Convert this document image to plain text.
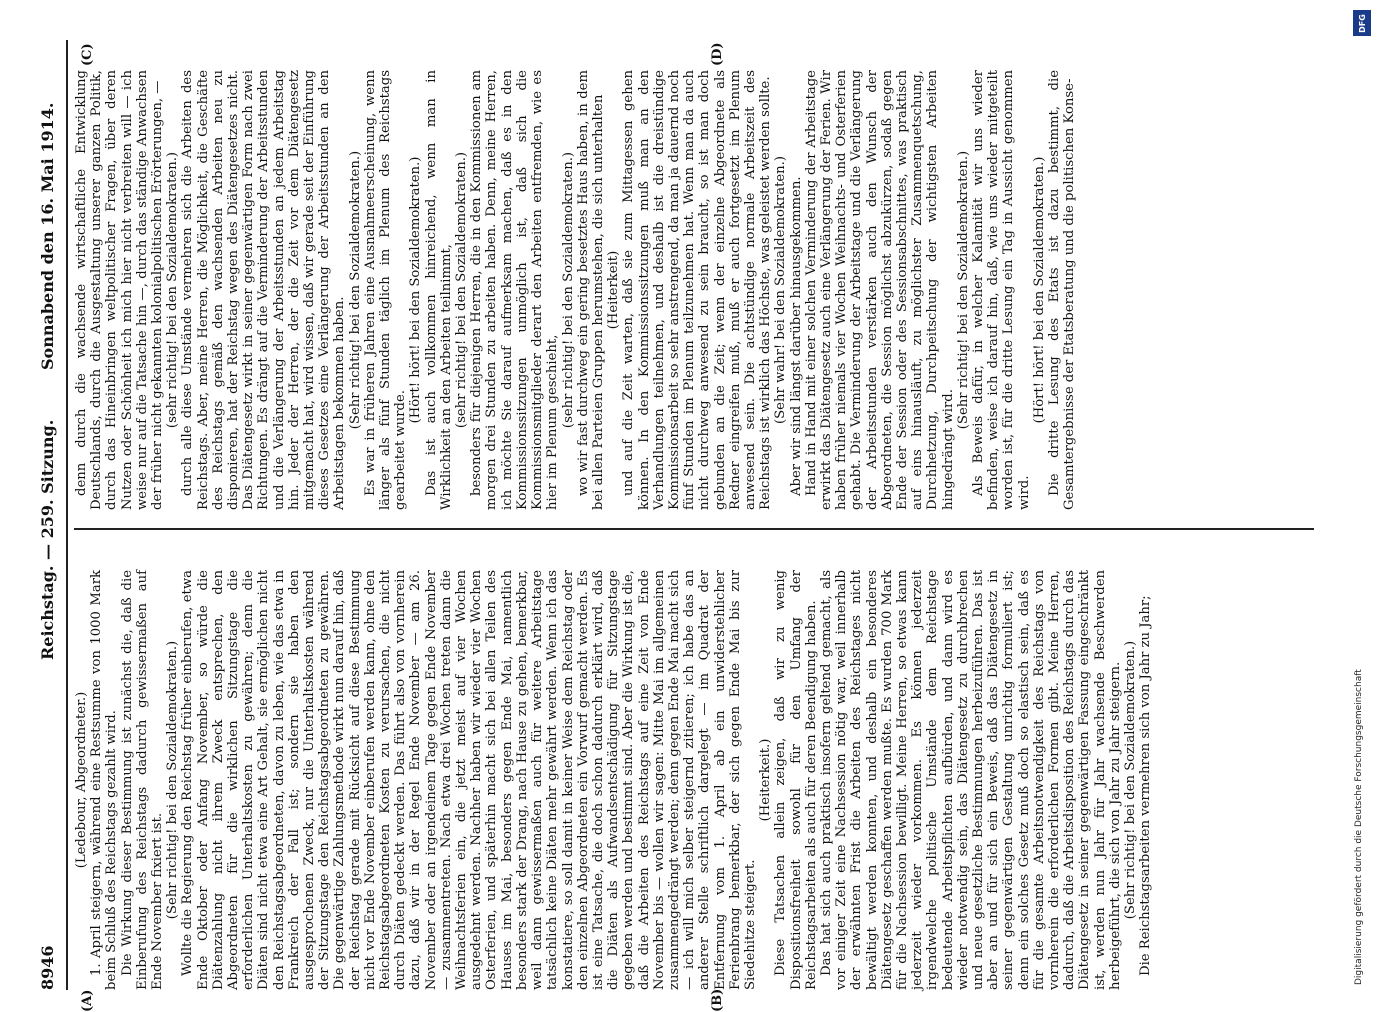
8946
Reichstag. — 259. Sitzung.
Sonnabend den 16. Mai 1914.

(Ledebour, Abgeordneter.) 1. April steigern, während eine Restsumme von 1000 Mark beim Schluß des Reichstags gezahlt wird. Die Wirkung dieser Bestimmung ist zunächst die, daß die Einberufung des Reichstags dadurch gewissermaßen auf Ende November fixiert ist. (Sehr richtig! bei den Sozialdemokraten.) Wollte die Regierung den Reichstag früher einberufen, etwa Ende Oktober oder Anfang November, so würde die Diätenzahlung nicht ihrem Zweck entsprechen, den Abgeordneten für die wirklichen Sitzungstage die erforderlichen Unterhaltskosten zu gewähren; denn die Diäten sind nicht etwa eine Art Gehalt, sie ermöglichen nicht den Reichstagsabgeordneten, davon zu leben, wie das etwa in Frankreich der Fall ist; sondern sie haben den ausgesprochenen Zweck, nur die Unterhaltskosten während der Sitzungstage den Reichstagsabgeordneten zu gewähren. Die gegenwärtige Zahlungsmethode wirkt nun darauf hin, daß der Reichstag gerade mit Rücksicht auf diese Bestimmung nicht vor Ende November einberufen werden kann, ohne den Reichstagsabgeordneten Kosten zu verursachen, die nicht durch Diäten gedeckt werden. Das führt also von vornherein dazu, daß wir in der Regel Ende November — am 26. November oder an irgendeinem Tage gegen Ende November — zusammentreten. Nach etwa drei Wochen treten dann die Weihnachtsferien ein, die jetzt meist auf vier Wochen ausgedehnt werden. Nachher haben wir wieder vier Wochen Osterferien, und späterhin macht sich bei allen Teilen des Hauses im Mai, besonders gegen Ende Mai, namentlich besonders stark der Drang, nach Hause zu gehen, bemerkbar, weil dann gewissermaßen auch für weitere Arbeitstage tatsächlich keine Diäten mehr gewährt werden. Wenn ich das konstatiere, so soll damit in keiner Weise dem Reichstag oder den einzelnen Abgeordneten ein Vorwurf gemacht werden. Es ist eine Tatsache, die doch schon dadurch erklärt wird, daß die Diäten als Aufwandsentschädigung für Sitzungstage gegeben werden und bestimmt sind. Aber die Wirkung ist die, daß die Arbeiten des Reichstags auf eine Zeit von Ende November bis — wollen wir sagen: Mitte Mai im allgemeinen zusammengedrängt werden; denn gegen Ende Mai macht sich — ich will mich selber steigernd zitieren; ich habe das an anderer Stelle schriftlich dargelegt — im Quadrat der Entfernung vom 1. April ab ein unwiderstehlicher Ferienbrang bemerkbar, der sich gegen Ende Mai bis zur Siedehitze steigert.

(Heiterkeit.) Diese Tatsachen allein zeigen, daß wir zu wenig Dispositionsfreiheit sowohl für den Umfang der Reichstagsarbeiten als auch für deren Beendigung haben. Das hat sich auch praktisch insofern geltend gemacht, als vor einiger Zeit eine Nachsession nötig war, weil innerhalb der erwähnten Frist die Arbeiten des Reichstages nicht bewältigt werden konnten, und deshalb ein besonderes Diätengesetz geschaffen werden mußte. Es wurden 700 Mark für die Nachsession bewilligt. Meine Herren, so etwas kann jederzeit wieder vorkommen. Es können jederzeit irgendwelche politische Umstände dem Reichstage bedeutende Arbeitspflichten aufbürden, und dann wird es wieder notwendig sein, das Diätengesetz zu durchbrechen und neue gesetzliche Bestimmungen herbeizuführen. Das ist aber an und für sich ein Beweis, daß das Diätengesetz in seiner gegenwärtigen Gestaltung unrichtig formuliert ist; denn ein solches Gesetz muß doch so elastisch sein, daß es für die gesamte Arbeitsnotwendigkeit des Reichstags von vornherein die erforderlichen Formen gibt. Meine Herren, dadurch, daß die Arbeitsdisposition des Reichstags durch das Diätengesetz in seiner gegenwärtigen Fassung eingeschränkt ist, werden nun Jahr für Jahr wachsende Beschwerden herbeigeführt, die sich von Jahr zu Jahr steigern. (Sehr richtig! bei den Sozialdemokraten.) Die Reichstagsarbeiten vermehren sich von Jahr zu Jahr;

denn durch die wachsende wirtschaftliche Entwicklung Deutschlands, durch die Ausgestaltung unserer ganzen Politik, durch das Hineinbringen weltpolitischer Fragen, über deren Nutzen oder Schönheit ich mich hier nicht verbreiten will — ich weise nur auf die Tatsache hin —, durch das ständige Anwachsen der früher nicht gekannten kolonialpolitischen Erörterungen, — (sehr richtig! bei den Sozialdemokraten.) durch alle diese Umstände vermehren sich die Arbeiten des Reichstags. Aber, meine Herren, die Möglichkeit, die Geschäfte des Reichstags gemäß den wachsenden Arbeiten neu zu disponieren, hat der Reichstag wegen des Diätengesetzes nicht. Das Diätengesetz wirkt in seiner gegenwärtigen Form nach zwei Richtungen. Es drängt auf die Verminderung der Arbeitsstunden und die Verlängerung der Arbeitsstunden an jedem Arbeitstag hin. Jeder der Herren, der die Zeit vor dem Diätengesetz mitgemacht hat, wird wissen, daß wir gerade seit der Einführung dieses Gesetzes eine Verlängerung der Arbeitsstunden an den Arbeitstagen bekommen haben. (Sehr richtig! bei den Sozialdemokraten.) Es war in früheren Jahren eine Ausnahmeerscheinung, wenn länger als fünf Stunden täglich im Plenum des Reichstags gearbeitet wurde.

(Hört! hört! bei den Sozialdemokraten.) Das ist auch vollkommen hinreichend, wenn man in Wirklichkeit an den Arbeiten teilnimmt, (sehr richtig! bei den Sozialdemokraten.) besonders für diejenigen Herren, die in den Kommissionen am morgen drei Stunden zu arbeiten haben. Denn, meine Herren, ich möchte Sie darauf aufmerksam machen, daß es in den Kommissionssitzungen unmöglich ist, daß sich die Kommissionsmitglieder derart den Arbeiten entfremden, wie es hier im Plenum geschieht, (sehr richtig! bei den Sozialdemokraten.) wo wir fast durchweg ein gering besetztes Haus haben, in dem bei allen Parteien Gruppen herumstehen, die sich unterhalten (Heiterkeit) und auf die Zeit warten, daß sie zum Mittagessen gehen können. In den Kommissionssitzungen muß man an den Verhandlungen teilnehmen, und deshalb ist die dreistündige Kommissionsarbeit so sehr anstrengend, da man ja dauernd noch fünf Stunden im Plenum teilzunehmen hat. Wenn man da auch nicht durchweg anwesend zu sein braucht, so ist man doch gebunden an die Zeit; wenn der einzelne Abgeordnete als Redner eingreifen muß, muß er auch fortgesetzt im Plenum anwesend sein. Die achtstündige normale Arbeitszeit des Reichstags ist wirklich das Höchste, was geleistet werden sollte. (Sehr wahr! bei den Sozialdemokraten.) Aber wir sind längst darüber hinausgekommen. Hand in Hand mit einer solchen Verminderung der Arbeitstage erwirkt das Diätengesetz auch eine Verlängerung der Ferien. Wir haben früher niemals vier Wochen Weihnachts- und Osterferien gehabt. Die Verminderung der Arbeitstage und die Verlängerung der Arbeitsstunden verstärken auch den Wunsch der Abgeordneten, die Session möglichst abzukürzen, sodaß gegen Ende der Session oder des Sessionsabschnittes, was praktisch auf eins hinausläuft, zu möglichster Zusammenquetschung, Durchhetzung, Durchpeitschung der wichtigsten Arbeiten hingedrängt wird.

(Sehr richtig! bei den Sozialdemokraten.) Als Beweis dafür, in welcher Kalamität wir uns wieder befinden, weise ich darauf hin, daß, wie uns wieder mitgeteilt worden ist, für die dritte Lesung ein Tag in Aussicht genommen wird.

(Hört! hört! bei den Sozialdemokraten.) Die dritte Lesung des Etats ist dazu bestimmt, die Gesamtergebnisse der Etatsberatung und die politischen Konse-

(A)	(B)
(C)	(D)
DFG
Digitalisierung gefördert durch die Deutsche Forschungsgemeinschaft
